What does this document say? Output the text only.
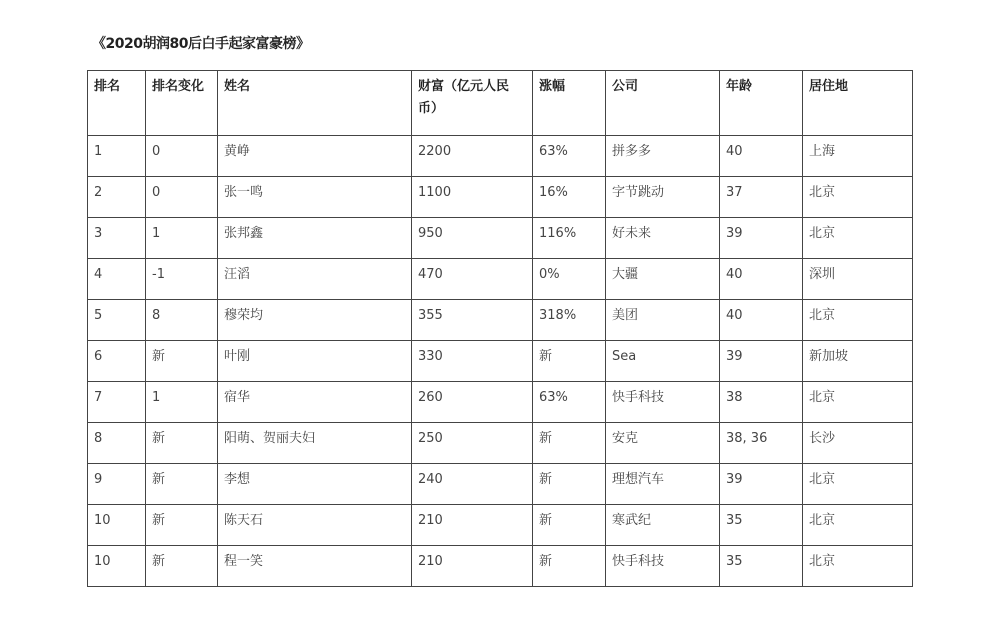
《2020胡润80后白手起家富豪榜》
排名	排名变化	姓名	财富（亿元人民币）	涨幅	公司	年龄	居住地
1	0	黄峥	2200	63%	拼多多	40	上海
2	0	张一鸣	1100	16%	字节跳动	37	北京
3	1	张邦鑫	950	116%	好未来	39	北京
4	-1	汪滔	470	0%	大疆	40	深圳
5	8	穆荣均	355	318%	美团	40	北京
6	新	叶刚	330	新	Sea	39	新加坡
7	1	宿华	260	63%	快手科技	38	北京
8	新	阳萌、贺丽夫妇	250	新	安克	38, 36	长沙
9	新	李想	240	新	理想汽车	39	北京
10	新	陈天石	210	新	寒武纪	35	北京
10	新	程一笑	210	新	快手科技	35	北京
